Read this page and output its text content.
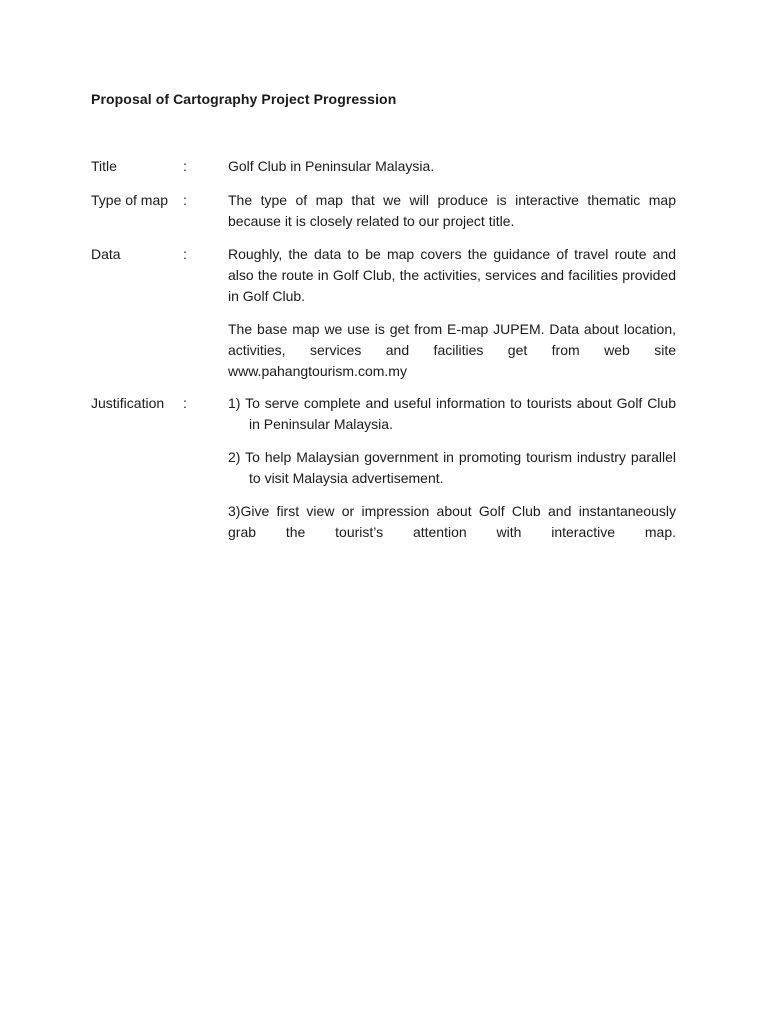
Proposal of Cartography Project Progression
Title	:	Golf Club in Peninsular Malaysia.

Type of map	:	The type of map that we will produce is interactive thematic map because it is closely related to our project title.

Data	:	Roughly, the data to be map covers the guidance of travel route and also the route in Golf Club, the activities, services and facilities provided in Golf Club.

The base map we use is get from E-map JUPEM. Data about location, activities, services and facilities get from web site www.pahangtourism.com.my

Justification	:	1) To serve complete and useful information to tourists about Golf Club in Peninsular Malaysia.

2) To help Malaysian government in promoting tourism industry parallel to visit Malaysia advertisement.

3)Give first view or impression about Golf Club and instantaneously grab the tourist’s attention with interactive map.
